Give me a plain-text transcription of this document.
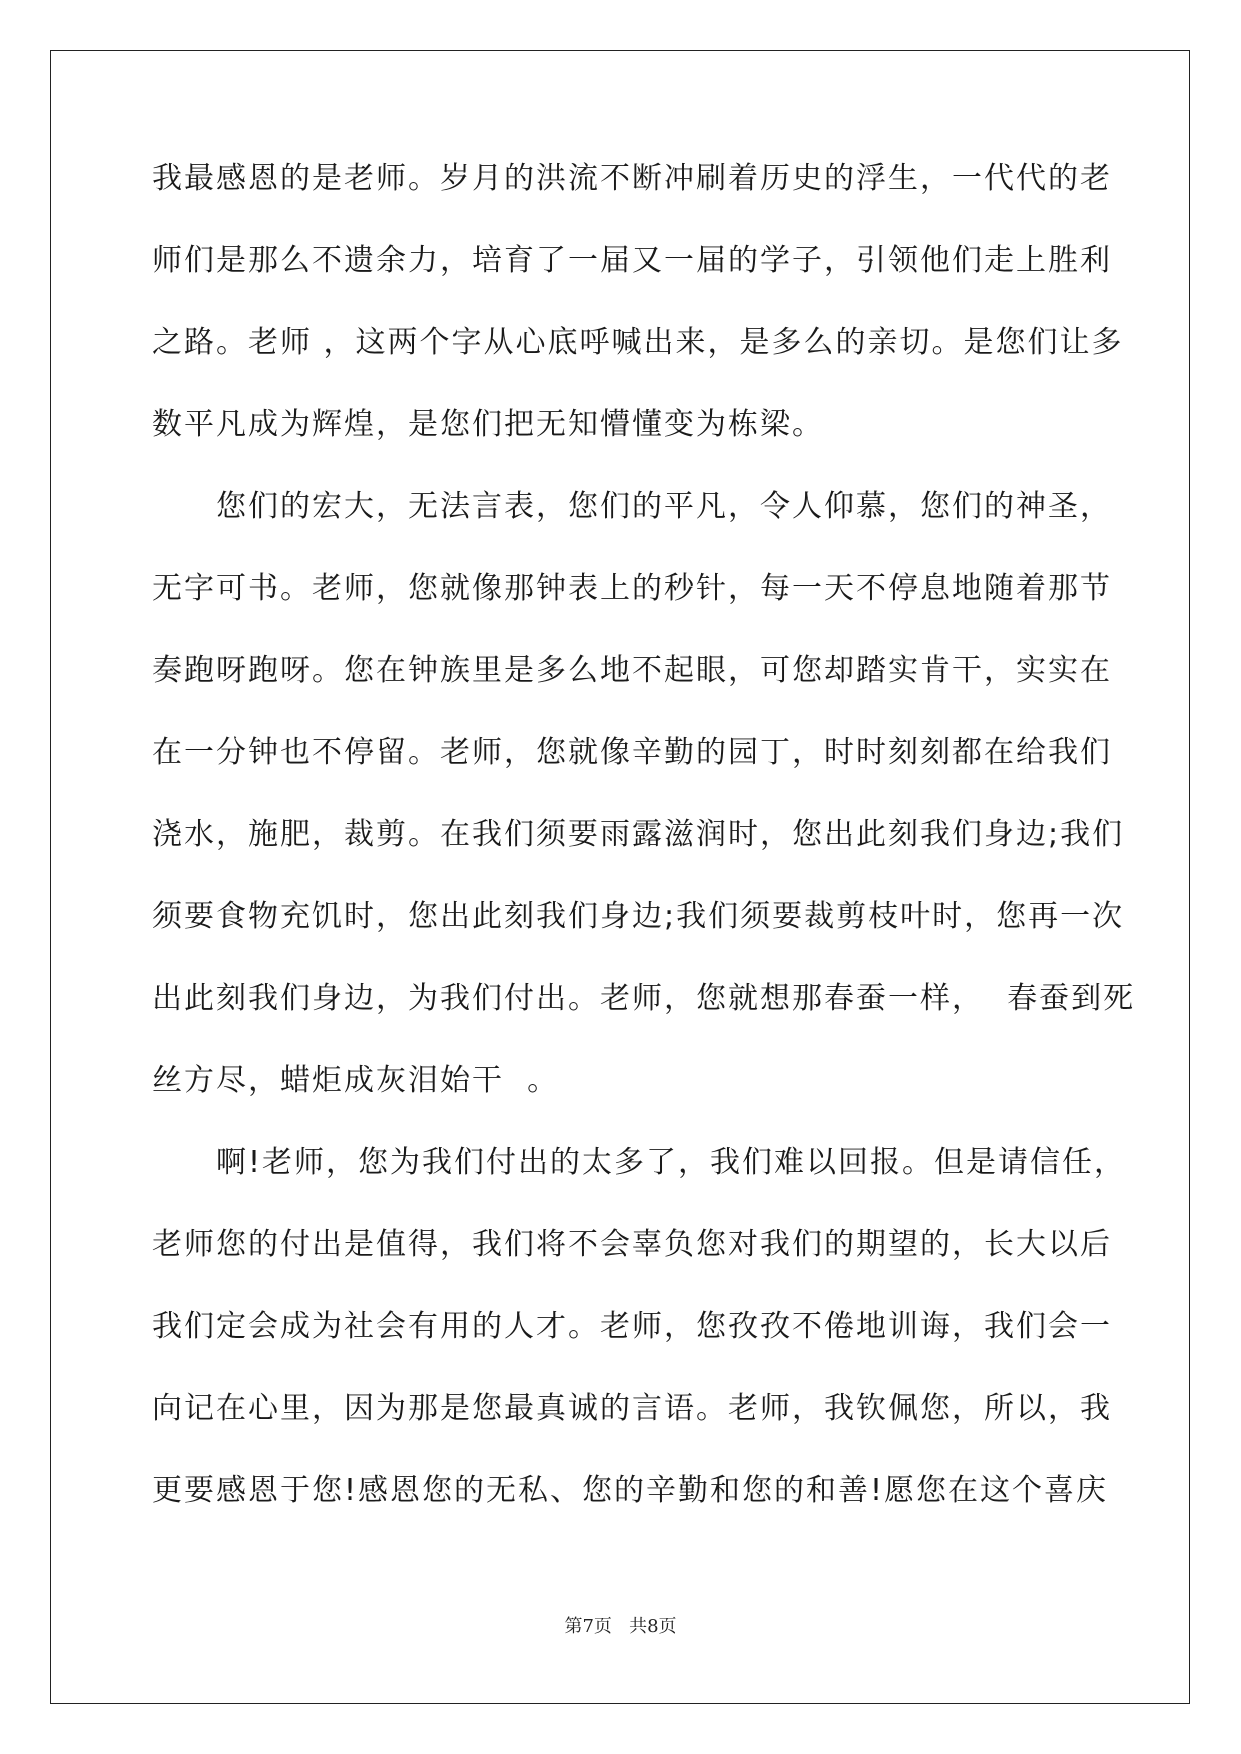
我最感恩的是老师。岁月的洪流不断冲刷着历史的浮生，一代代的老
师们是那么不遗余力，培育了一届又一届的学子，引领他们走上胜利
之路。老师 ，这两个字从心底呼喊出来，是多么的亲切。是您们让多
数平凡成为辉煌，是您们把无知懵懂变为栋梁。
　　您们的宏大，无法言表，您们的平凡，令人仰慕，您们的神圣，
无字可书。老师，您就像那钟表上的秒针，每一天不停息地随着那节
奏跑呀跑呀。您在钟族里是多么地不起眼，可您却踏实肯干，实实在
在一分钟也不停留。老师，您就像辛勤的园丁，时时刻刻都在给我们
浇水，施肥，裁剪。在我们须要雨露滋润时，您出此刻我们身边;我们
须要食物充饥时，您出此刻我们身边;我们须要裁剪枝叶时，您再一次
出此刻我们身边，为我们付出。老师，您就想那春蚕一样，  春蚕到死
丝方尽，蜡炬成灰泪始干  。
　　啊!老师，您为我们付出的太多了，我们难以回报。但是请信任，
老师您的付出是值得，我们将不会辜负您对我们的期望的，长大以后
我们定会成为社会有用的人才。老师，您孜孜不倦地训诲，我们会一
向记在心里，因为那是您最真诚的言语。老师，我钦佩您，所以，我
更要感恩于您!感恩您的无私、您的辛勤和您的和善!愿您在这个喜庆
第7页   共8页
